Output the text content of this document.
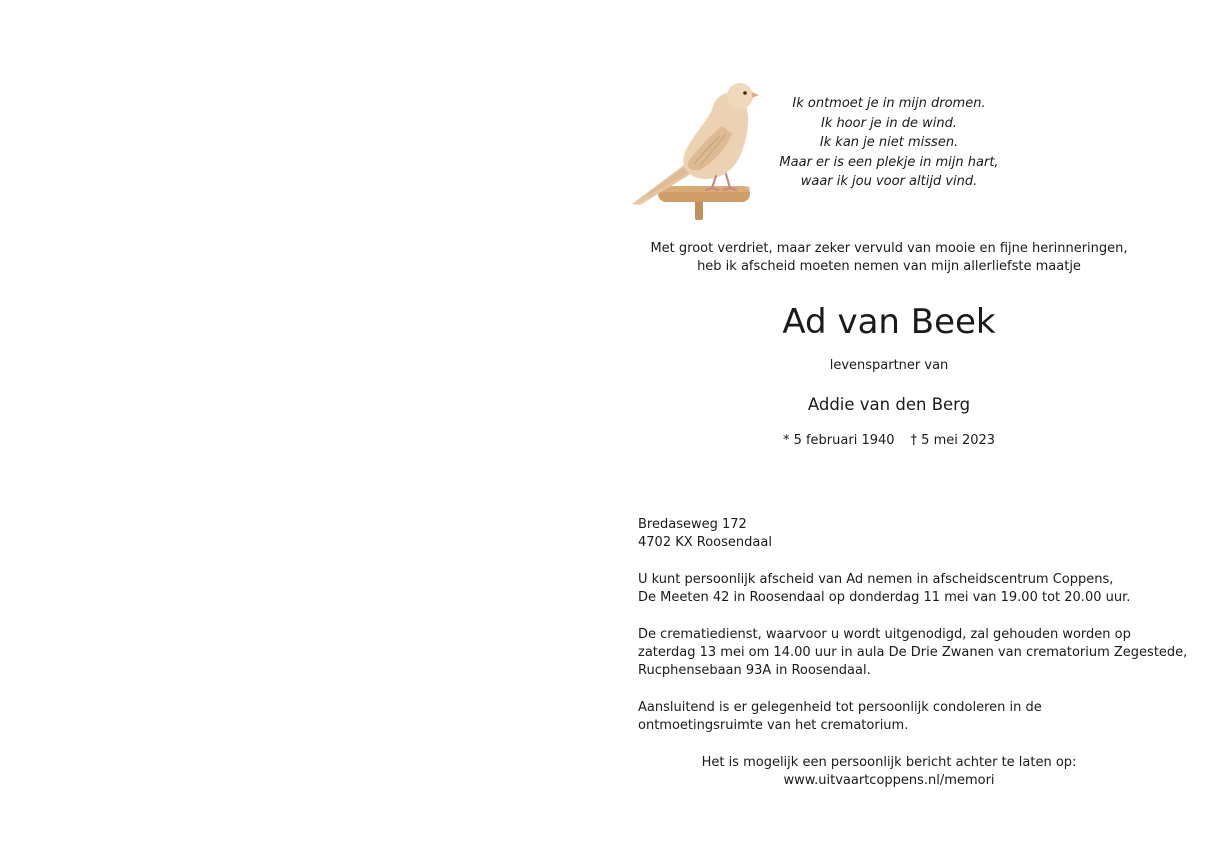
Ik ontmoet je in mijn dromen.
Ik hoor je in de wind.
Ik kan je niet missen.
Maar er is een plekje in mijn hart,
waar ik jou voor altijd vind.
Met groot verdriet, maar zeker vervuld van mooie en fijne herinneringen,
heb ik afscheid moeten nemen van mijn allerliefste maatje
Ad van Beek
levenspartner van
Addie van den Berg
* 5 februari 1940 † 5 mei 2023
Bredaseweg 172
4702 KX Roosendaal
U kunt persoonlijk afscheid van Ad nemen in afscheidscentrum Coppens,
De Meeten 42 in Roosendaal op donderdag 11 mei van 19.00 tot 20.00 uur.
De crematiedienst, waarvoor u wordt uitgenodigd, zal gehouden worden op
zaterdag 13 mei om 14.00 uur in aula De Drie Zwanen van crematorium Zegestede,
Rucphensebaan 93A in Roosendaal.
Aansluitend is er gelegenheid tot persoonlijk condoleren in de
ontmoetingsruimte van het crematorium.
Het is mogelijk een persoonlijk bericht achter te laten op:
www.uitvaartcoppens.nl/memori
